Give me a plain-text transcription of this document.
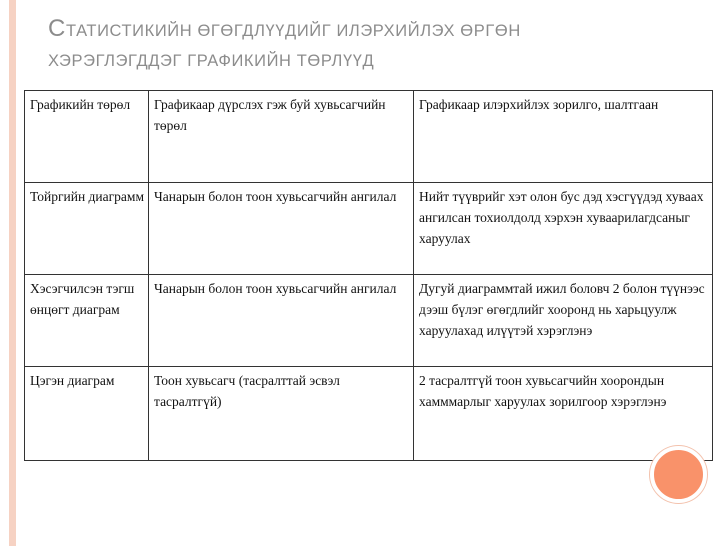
СТАТИСТИКИЙН ӨГӨГДЛҮҮДИЙГ ИЛЭРХИЙЛЭХ ӨРГӨН
ХЭРЭГЛЭГДДЭГ ГРАФИКИЙН ТӨРЛҮҮД
Графикийн төрөл	Графикаар дүрслэх гэж буй хувьсагчийн төрөл	Графикаар илэрхийлэх зорилго, шалтгаан

Тойргийн диаграмм	Чанарын болон тоон хувьсагчийн ангилал	Нийт түүврийг хэт олон бус дэд хэсгүүдэд хуваах ангилсан тохиолдолд хэрхэн хуваарилагдсаныг харуулах

Хэсэгчилсэн тэгш өнцөгт диаграм	Чанарын болон тоон хувьсагчийн ангилал	Дугуй диаграммтай ижил боловч 2 болон түүнээс дээш бүлэг өгөгдлийг хооронд нь харьцуулж харуулахад илүүтэй хэрэглэнэ

Цэгэн диаграм	Тоон хувьсагч (тасралттай эсвэл тасралтгүй)	2 тасралтгүй тоон хувьсагчийн хоорондын хамммарлыг харуулах зорилгоор хэрэглэнэ
